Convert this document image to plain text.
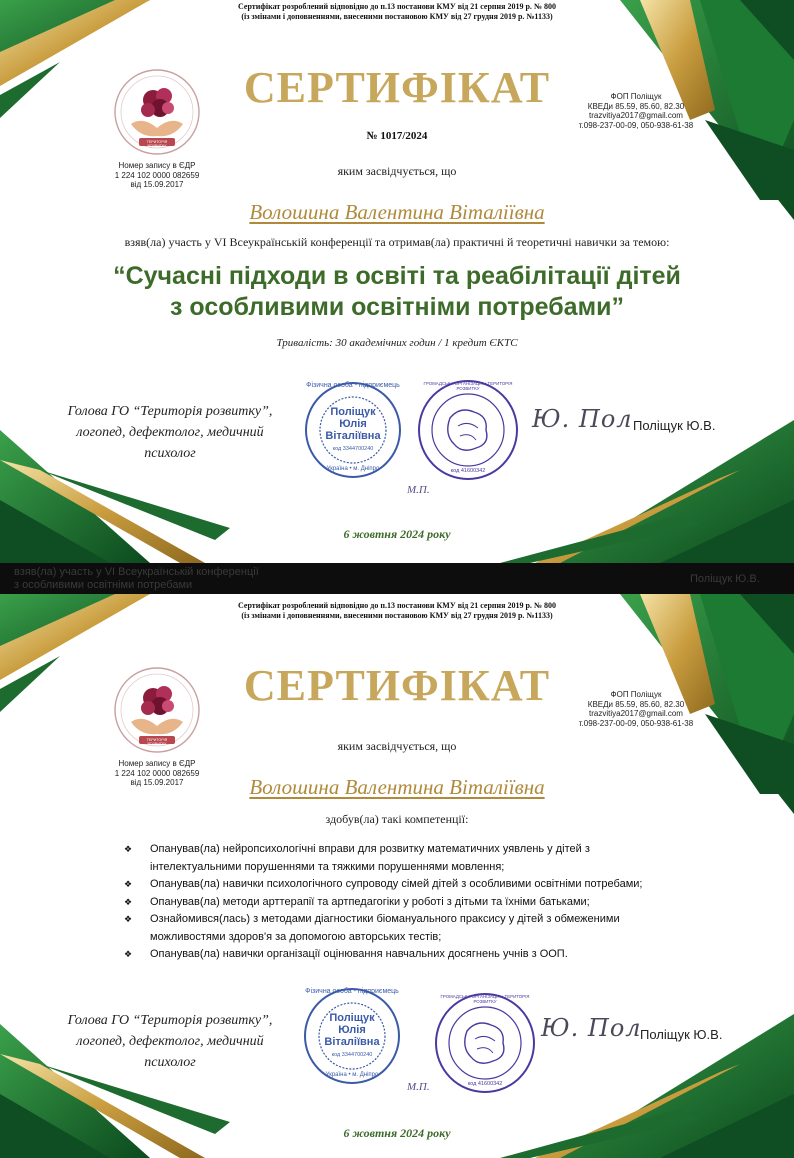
Сертифікат розроблений відповідно до п.13 постанови КМУ від 21 серпня 2019 р. № 800
(із змінами і доповненнями, внесеними постановою КМУ від 27 грудня 2019 р. №1133)
ТЕРИТОРІЯ РОЗВИТКУ
Номер запису в ЄДР
1 224 102 0000 082659
від 15.09.2017
СЕРТИФІКАТ	ФОП Поліщук
КВЕДи 85.59, 85.60, 82.30
trazvitiya2017@gmail.com
т.098-237-00-09, 050-938-61-38
№ 1017/2024
яким засвідчується, що
Волошина Валентина Віталіївна
взяв(ла) участь у VI Всеукраїнській конференції та отримав(ла) практичні й теоретичні навички за темою:
“Сучасні підходи в освіті та реабілітації дітей
з особливими освітніми потребами”
Тривалість: 30 академічних годин / 1 кредит ЄКТС
Голова ГО “Територія розвитку”,
логопед, дефектолог, медичний
психолог
Фізична особа - підприємець
Поліщук
Юлія
Віталіївна
код 3344700240
Україна • м. Дніпро
ГРОМАДСЬКА ОРГАНІЗАЦІЯ • ТЕРИТОРІЯ РОЗВИТКУ
код 41600342
Ю. Пол Поліщук Ю.В.
М.П.
6 жовтня 2024 року
взяв(ла) участь у VI Всеукраїнській конференції
з особливими освітніми потребами	Поліщук Ю.В.
Сертифікат розроблений відповідно до п.13 постанови КМУ від 21 серпня 2019 р. № 800
(із змінами і доповненнями, внесеними постановою КМУ від 27 грудня 2019 р. №1133)
ТЕРИТОРІЯ РОЗВИТКУ
Номер запису в ЄДР
1 224 102 0000 082659
від 15.09.2017
СЕРТИФІКАТ	ФОП Поліщук
КВЕДи 85.59, 85.60, 82.30
trazvitiya2017@gmail.com
т.098-237-00-09, 050-938-61-38
яким засвідчується, що
Волошина Валентина Віталіївна
здобув(ла) такі компетенції:
❖ Опанував(ла) нейропсихологічні вправи для розвитку математичних уявлень у дітей з
інтелектуальними порушеннями та тяжкими порушеннями мовлення;
❖ Опанував(ла) навички психологічного супроводу сімей дітей з особливими освітніми потребами;
❖ Опанував(ла) методи арттерапії та артпедагогіки у роботі з дітьми та їхніми батьками;
❖ Ознайомився(лась) з методами діагностики біомануального праксису у дітей з обмеженими
можливостями здоров'я за допомогою авторських тестів;
❖ Опанував(ла) навички організації оцінювання навчальних досягнень учнів з ООП.
Голова ГО “Територія розвитку”,
логопед, дефектолог, медичний
психолог
Фізична особа - підприємець
Поліщук
Юлія
Віталіївна
код 3344700240
Україна • м. Дніпро
ГРОМАДСЬКА ОРГАНІЗАЦІЯ • ТЕРИТОРІЯ РОЗВИТКУ
код 41600342
Ю. Пол
Поліщук Ю.В.
М.П.
6 жовтня 2024 року
